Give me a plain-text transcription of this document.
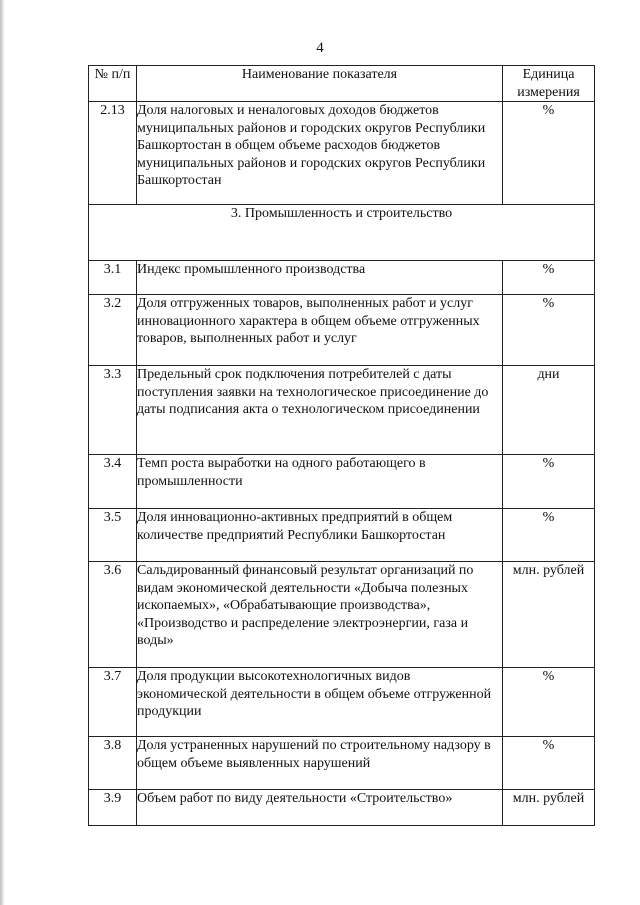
4
№ п/п	Наименование показателя	Единица измерения
2.13	Доля налоговых и неналоговых доходов бюджетов муниципальных районов и городских округов Республики Башкортостан в общем объеме расходов бюджетов муниципальных районов и городских округов Республики Башкортостан	%
3. Промышленность и строительство		
3.1	Индекс промышленного производства	%
3.2	Доля отгруженных товаров, выполненных работ и услуг инновационного характера в общем объеме отгруженных товаров, выполненных работ и услуг	%
3.3	Предельный срок подключения потребителей с даты поступления заявки на технологическое присоединение до даты подписания акта о технологическом присоединении	дни
3.4	Темп роста выработки на одного работающего в промышленности	%
3.5	Доля инновационно-активных предприятий в общем количестве предприятий Республики Башкортостан	%
3.6	Сальдированный финансовый результат организаций по видам экономической деятельности «Добыча полезных ископаемых», «Обрабатывающие производства», «Производство и распределение электроэнергии, газа и воды»	млн. рублей
3.7	Доля продукции высокотехнологичных видов экономической деятельности в общем объеме отгруженной продукции	%
3.8	Доля устраненных нарушений по строительному надзору в общем объеме выявленных нарушений	%
3.9	Объем работ по виду деятельности «Строительство»	млн. рублей
